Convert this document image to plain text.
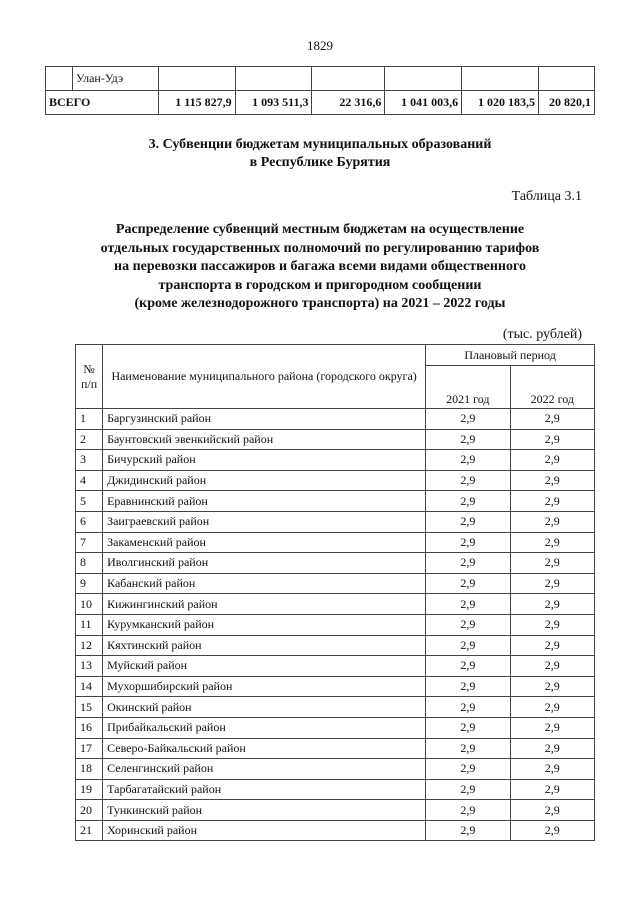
1829
	Улан-Удэ						
ВСЕГО		1 115 827,9	1 093 511,3	22 316,6	1 041 003,6	1 020 183,5	20 820,1
3. Субвенции бюджетам муниципальных образований
в Республике Бурятия
Таблица 3.1
Распределение субвенций местным бюджетам на осуществление
отдельных государственных полномочий по регулированию тарифов
на перевозки пассажиров и багажа всеми видами общественного
транспорта в городском и пригородном сообщении
(кроме железнодорожного транспорта) на 2021 – 2022 годы
(тыс. рублей)
№ п/п	Наименование муниципального района (городского округа)	Плановый период	
		2021 год	2022 год
1	Баргузинский район	2,9	2,9
2	Баунтовский эвенкийский район	2,9	2,9
3	Бичурский район	2,9	2,9
4	Джидинский район	2,9	2,9
5	Еравнинский район	2,9	2,9
6	Заиграевский район	2,9	2,9
7	Закаменский район	2,9	2,9
8	Иволгинский район	2,9	2,9
9	Кабанский район	2,9	2,9
10	Кижингинский район	2,9	2,9
11	Курумканский район	2,9	2,9
12	Кяхтинский район	2,9	2,9
13	Муйский район	2,9	2,9
14	Мухоршибирский район	2,9	2,9
15	Окинский район	2,9	2,9
16	Прибайкальский район	2,9	2,9
17	Северо-Байкальский район	2,9	2,9
18	Селенгинский район	2,9	2,9
19	Тарбагатайский район	2,9	2,9
20	Тункинский район	2,9	2,9
21	Хоринский район	2,9	2,9
